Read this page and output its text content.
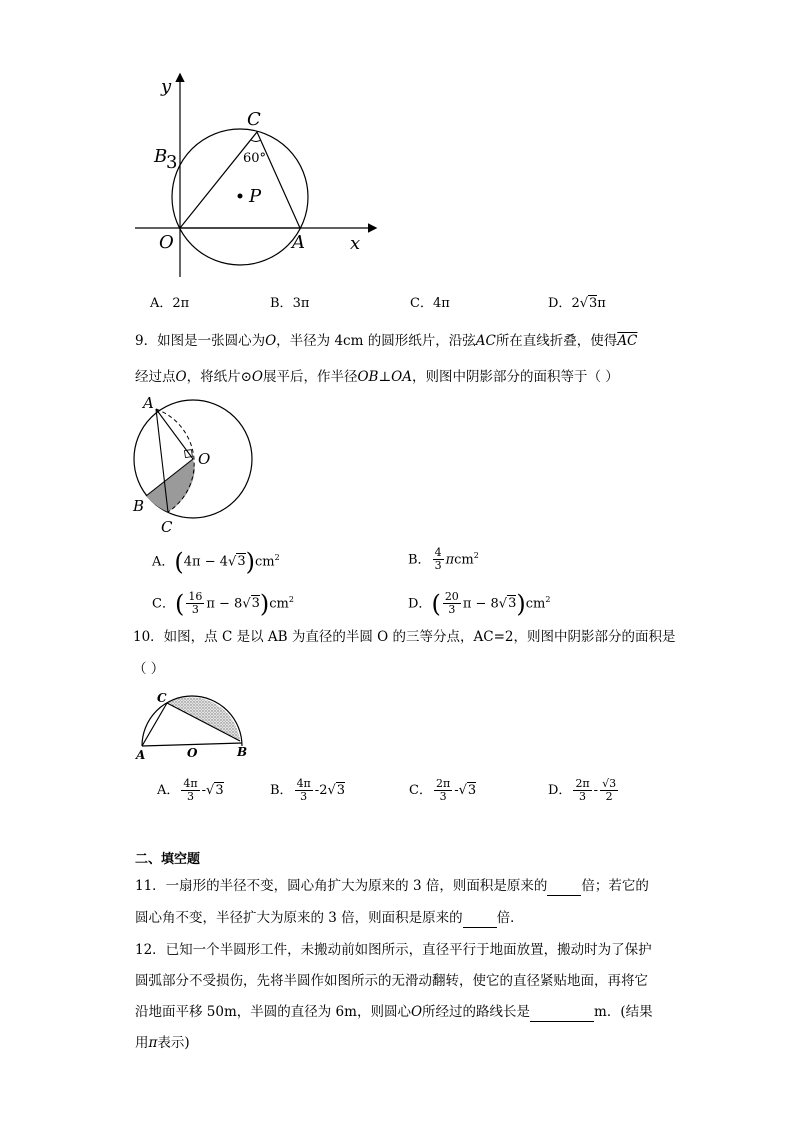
y
x
C
B
3	60°
P
O	A
A．2π	B．3π	C．4π	D．2√3π
9．如图是一张圆心为O，半径为 4cm 的圆形纸片，沿弦AC所在直线折叠，使得$\overline{AC}$
经过点O，将纸片⊙O展平后，作半径OB⊥OA，则图中阴影部分的面积等于（ ）
A
O
B
C
A．$(4\pi - 4√3)cm^2$	B． $\frac{4}{3} \pi cm^2$
C．( $\frac{16}{3}$ $\pi - 8√3)cm^2$	D．( $\frac{20}{3}$ $\pi - 8√3)cm^2$
10．如图，点 C 是以 AB 为直径的半圆 O 的三等分点，AC=2，则图中阴影部分的面积是
（ ）
C
A	O	B
A． $\frac{4\pi}{3} -√3$	B． $\frac{4\pi}{3} -2√3$	C． $\frac{2\pi}{3} -√3$	D． $\frac{2\pi}{3} - \frac{√3}{2}$
二、填空题
11．一扇形的半径不变，圆心角扩大为原来的 3 倍，则面积是原来的	倍；若它的
圆心角不变，半径扩大为原来的 3 倍，则面积是原来的	倍．
12．已知一个半圆形工件，未搬动前如图所示，直径平行于地面放置，搬动时为了保护
圆弧部分不受损伤，先将半圆作如图所示的无滑动翻转，使它的直径紧贴地面，再将它
沿地面平移 50m，半圆的直径为 6m，则圆心O所经过的路线长是	m．(结果
用π表示)
